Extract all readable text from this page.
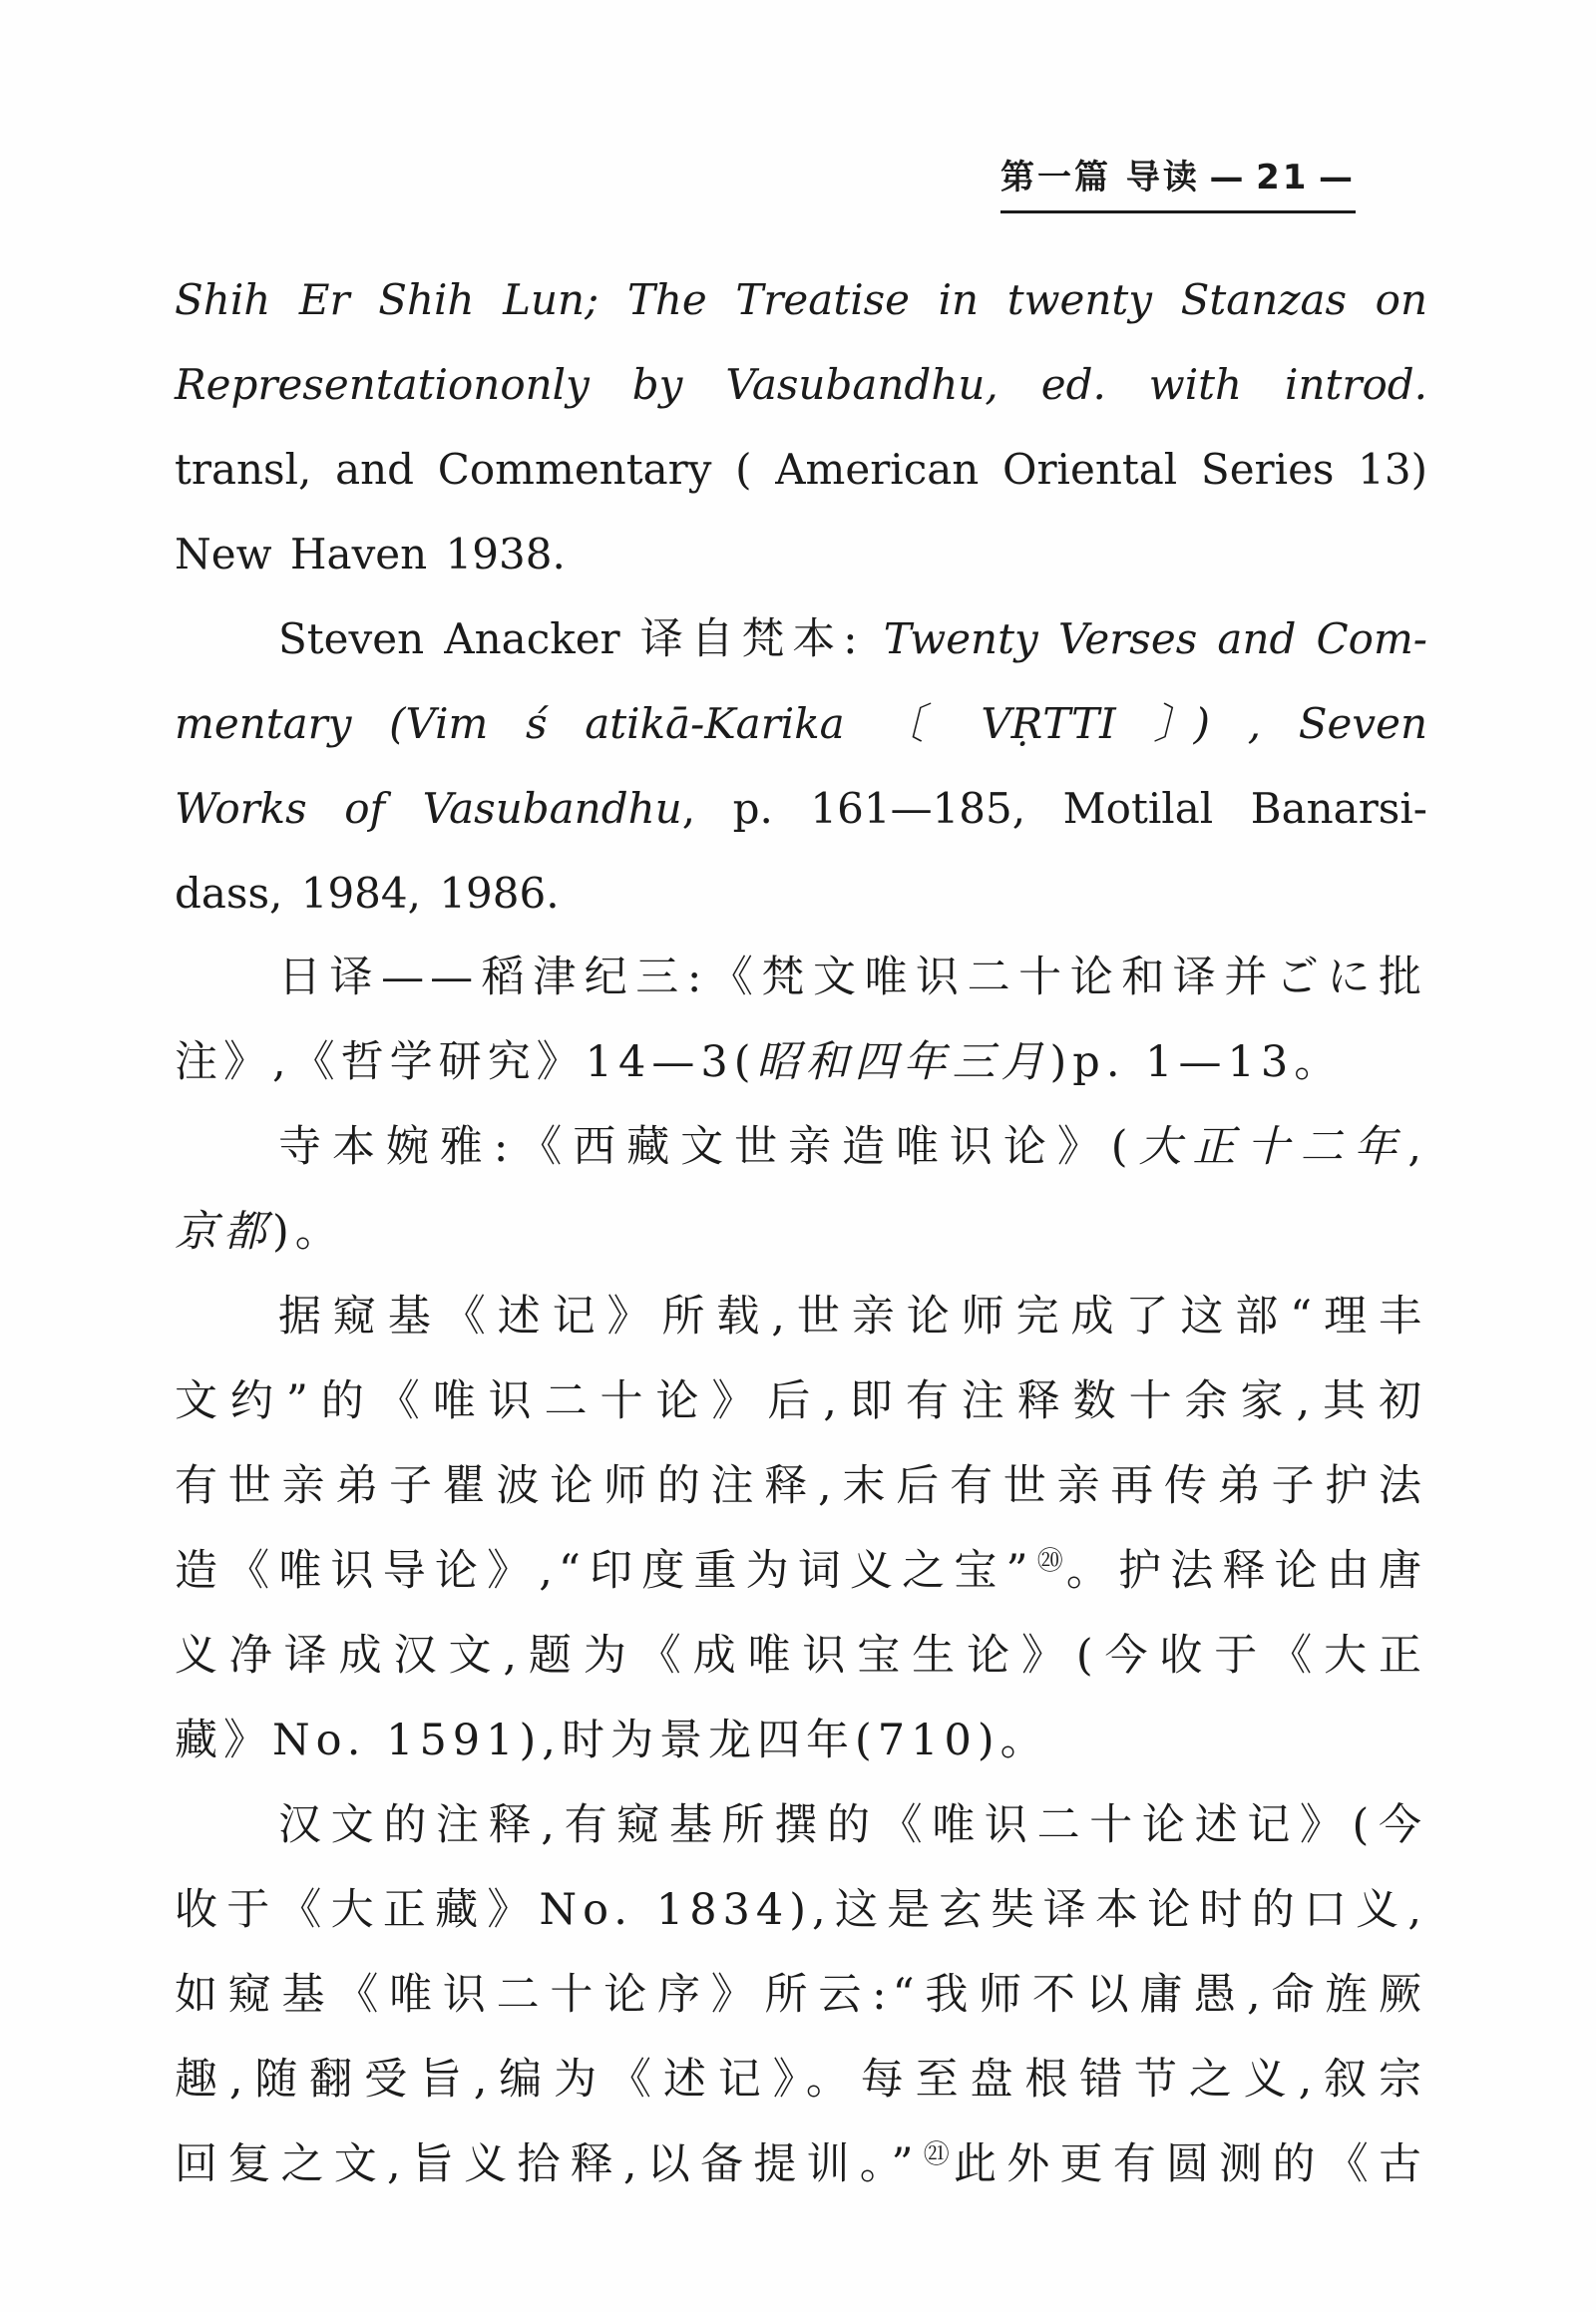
第一篇 导读 — 21 —
Shih Er Shih Lun; The Treatise in twenty Stanzas on
Representationonly by Vasubandhu, ed. with introd.
transl, and Commentary ( American Oriental Series 13)
New Haven 1938.
Steven Anacker 译自梵本: Twenty Verses and Com-
mentary (Vim ś atikā-Karika 〔 VṚTTI 〕) , Seven
Works of Vasubandhu, p. 161—185, Motilal Banarsi-
dass, 1984, 1986.
日译——稻津纪三:《梵文唯识二十论和译并ごに批
注》,《哲学研究》14—3(昭和四年三月)p. 1—13。
寺本婉雅:《西藏文世亲造唯识论》(大正十二年,
京都)。
据窥基《述记》所载,世亲论师完成了这部“理丰
文约”的《唯识二十论》后,即有注释数十余家,其初
有世亲弟子瞿波论师的注释,末后有世亲再传弟子护法
造《唯识导论》,“印度重为词义之宝”⑳。护法释论由唐
义净译成汉文,题为《成唯识宝生论》(今收于《大正
藏》No. 1591),时为景龙四年(710)。
汉文的注释,有窥基所撰的《唯识二十论述记》(今
收于《大正藏》No. 1834),这是玄奘译本论时的口义,
如窥基《唯识二十论序》所云:“我师不以庸愚,命旌厥
趣,随翻受旨,编为《述记》。每至盘根错节之义,叙宗
回复之文,旨义拾释,以备提训。”$^㉑$此外更有圆测的《古
